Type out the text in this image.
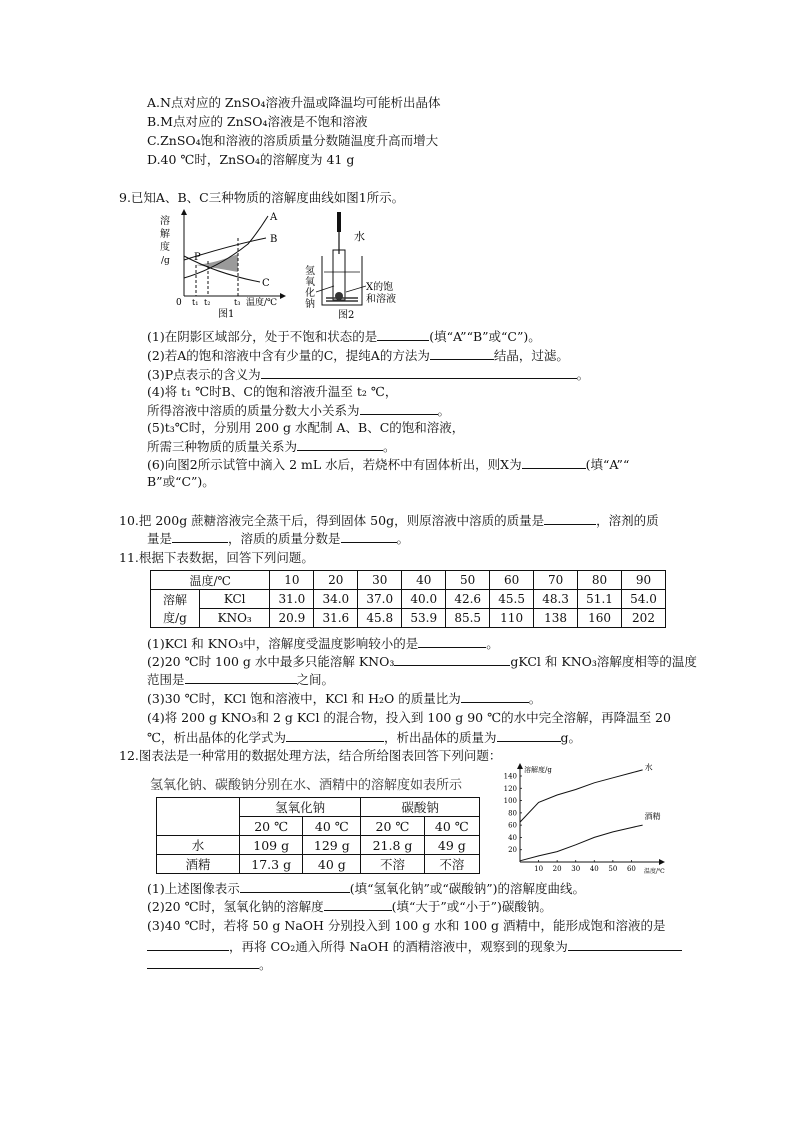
A.N点对应的 ZnSO₄溶液升温或降温均可能析出晶体
B.M点对应的 ZnSO₄溶液是不饱和溶液
C.ZnSO₄饱和溶液的溶质质量分数随温度升高而增大
D.40 ℃时，ZnSO₄的溶解度为 41 g
9.已知A、B、C三种物质的溶解度曲线如图1所示。
溶
解
度
/g
A
B
C
P
0 t₁ t₂	t₃ 温度/℃
图1
水
氢
氧
化
钠
X的饱
和溶液
图2
(1)在阴影区域部分，处于不饱和状态的是	(填“A”“B”或“C”)。
(2)若A的饱和溶液中含有少量的C，提纯A的方法为	结晶，过滤。
(3)P点表示的含义为	。
(4)将 t₁ ℃时B、C的饱和溶液升温至 t₂ ℃，
所得溶液中溶质的质量分数大小关系为	。
(5)t₃℃时，分别用 200 g 水配制 A、B、C的饱和溶液，
所需三种物质的质量关系为	。
(6)向图2所示试管中滴入 2 mL 水后，若烧杯中有固体析出，则X为	(填“A”“
B”或“C”)。
10.把 200g 蔗糖溶液完全蒸干后，得到固体 50g，则原溶液中溶质的质量是	，溶剂的质
量是	，溶质的质量分数是	。
11.根据下表数据，回答下列问题。
温度/℃		10	20	30	40	50	60	70	80	90

溶解
度/g	KCl	31.0	34.0	37.0	40.0	42.6	45.5	48.3	51.1	54.0
	KNO₃	20.9	31.6	45.8	53.9	85.5	110	138	160	202
(1)KCl 和 KNO₃中，溶解度受温度影响较小的是	。
(2)20 ℃时 100 g 水中最多只能溶解 KNO₃	gKCl 和 KNO₃溶解度相等的温度
范围是	之间。
(3)30 ℃时，KCl 饱和溶液中，KCl 和 H₂O 的质量比为	。
(4)将 200 g KNO₃和 2 g KCl 的混合物，投入到 100 g 90 ℃的水中完全溶解，再降温至 20
℃，析出晶体的化学式为	，析出晶体的质量为	g。
12.图表法是一种常用的数据处理方法，结合所给图表回答下列问题：
氢氧化钠、碳酸钠分别在水、酒精中的溶解度如表所示
	氢氧化钠		碳酸钠	
	20 ℃	40 ℃	20 ℃	40 ℃
水	109 g	129 g	21.8 g	49 g
酒精	17.3 g	40 g	不溶	不溶
溶解度/g
温度/℃
20
40
60
80
100
120
140
10 20 30 40 50 60
水
酒精
(1)上述图像表示	(填“氢氧化钠”或“碳酸钠”)的溶解度曲线。
(2)20 ℃时，氢氧化钠的溶解度	(填“大于”或“小于”)碳酸钠。
(3)40 ℃时，若将 50 g NaOH 分别投入到 100 g 水和 100 g 酒精中，能形成饱和溶液的是
，再将 CO₂通入所得 NaOH 的酒精溶液中，观察到的现象为
。
